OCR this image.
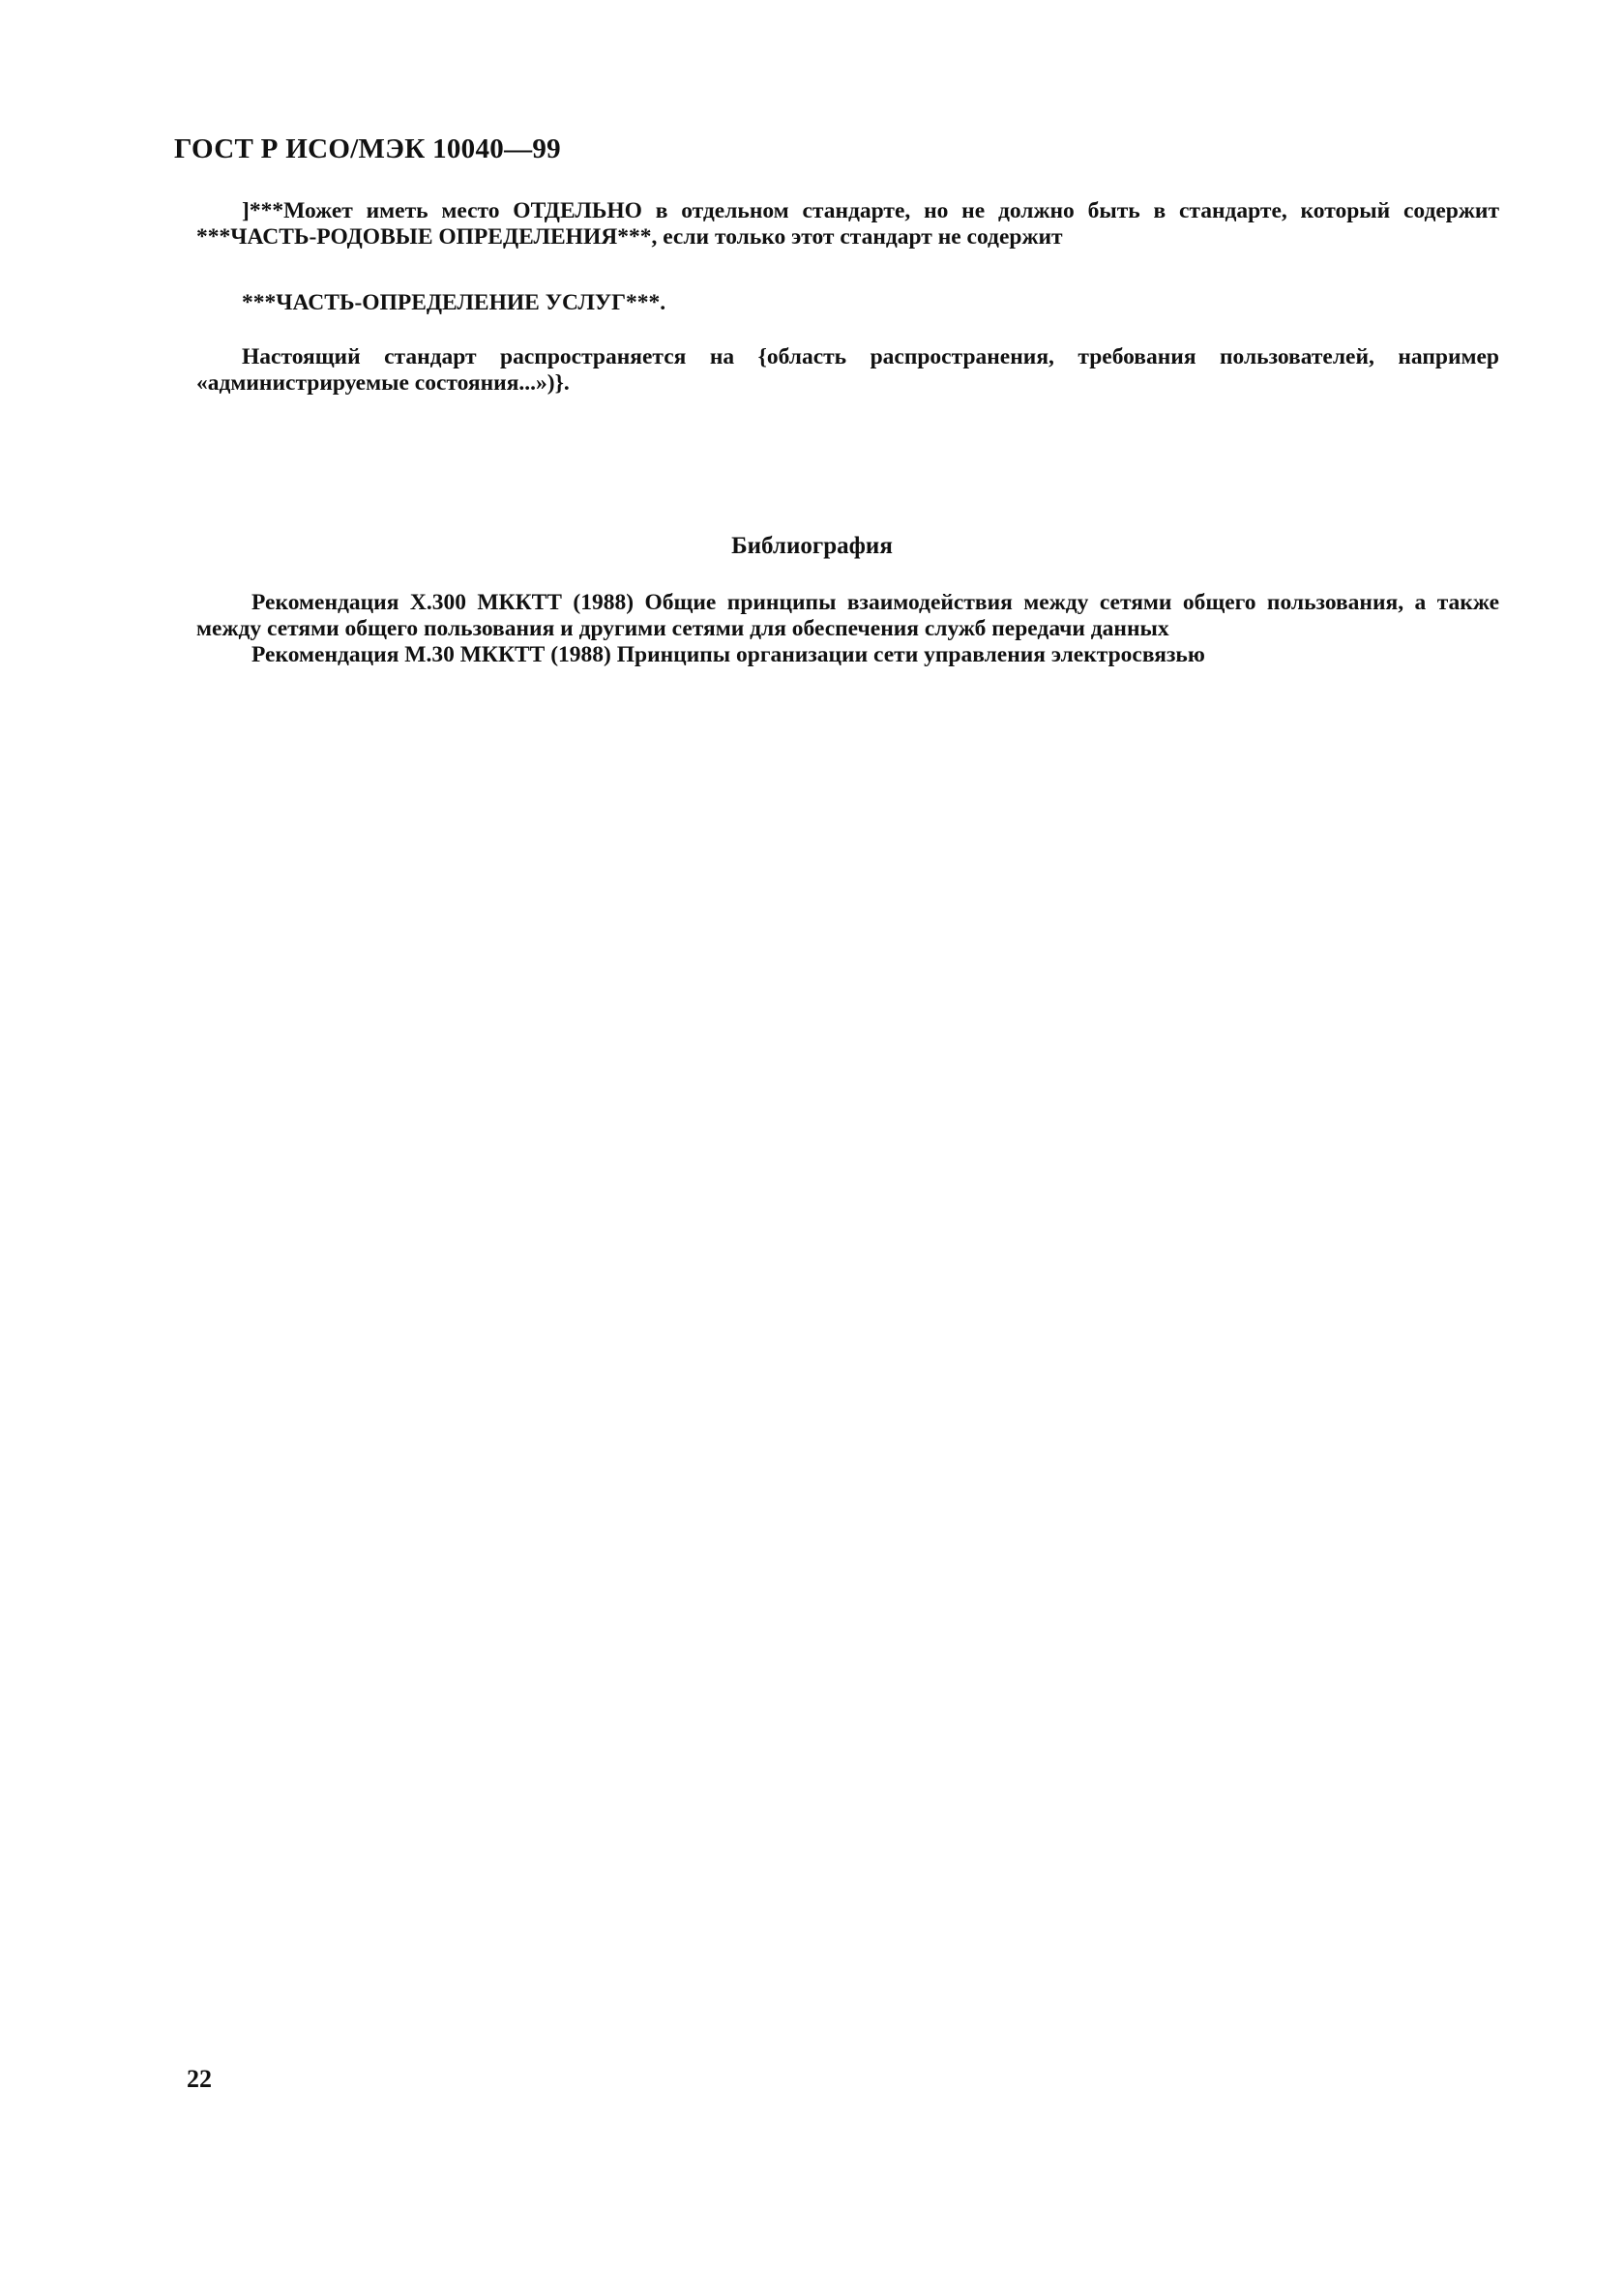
ГОСТ Р ИСО/МЭК 10040—99

]***Может иметь место ОТДЕЛЬНО в отдельном стандарте, но не должно быть в стандарте, который содержит ***ЧАСТЬ-РОДОВЫЕ ОПРЕДЕЛЕНИЯ***, если только этот стандарт не содержит

***ЧАСТЬ-ОПРЕДЕЛЕНИЕ УСЛУГ***.

Настоящий стандарт распространяется на {область распространения, требования пользователей, например «администрируемые состояния...»)}.

Библиография
Рекомендация X.300 МККТТ (1988) Общие принципы взаимодействия между сетями общего пользования, а также между сетями общего пользования и другими сетями для обеспечения служб передачи данных
Рекомендация М.30 МККТТ (1988) Принципы организации сети управления электросвязью

22
